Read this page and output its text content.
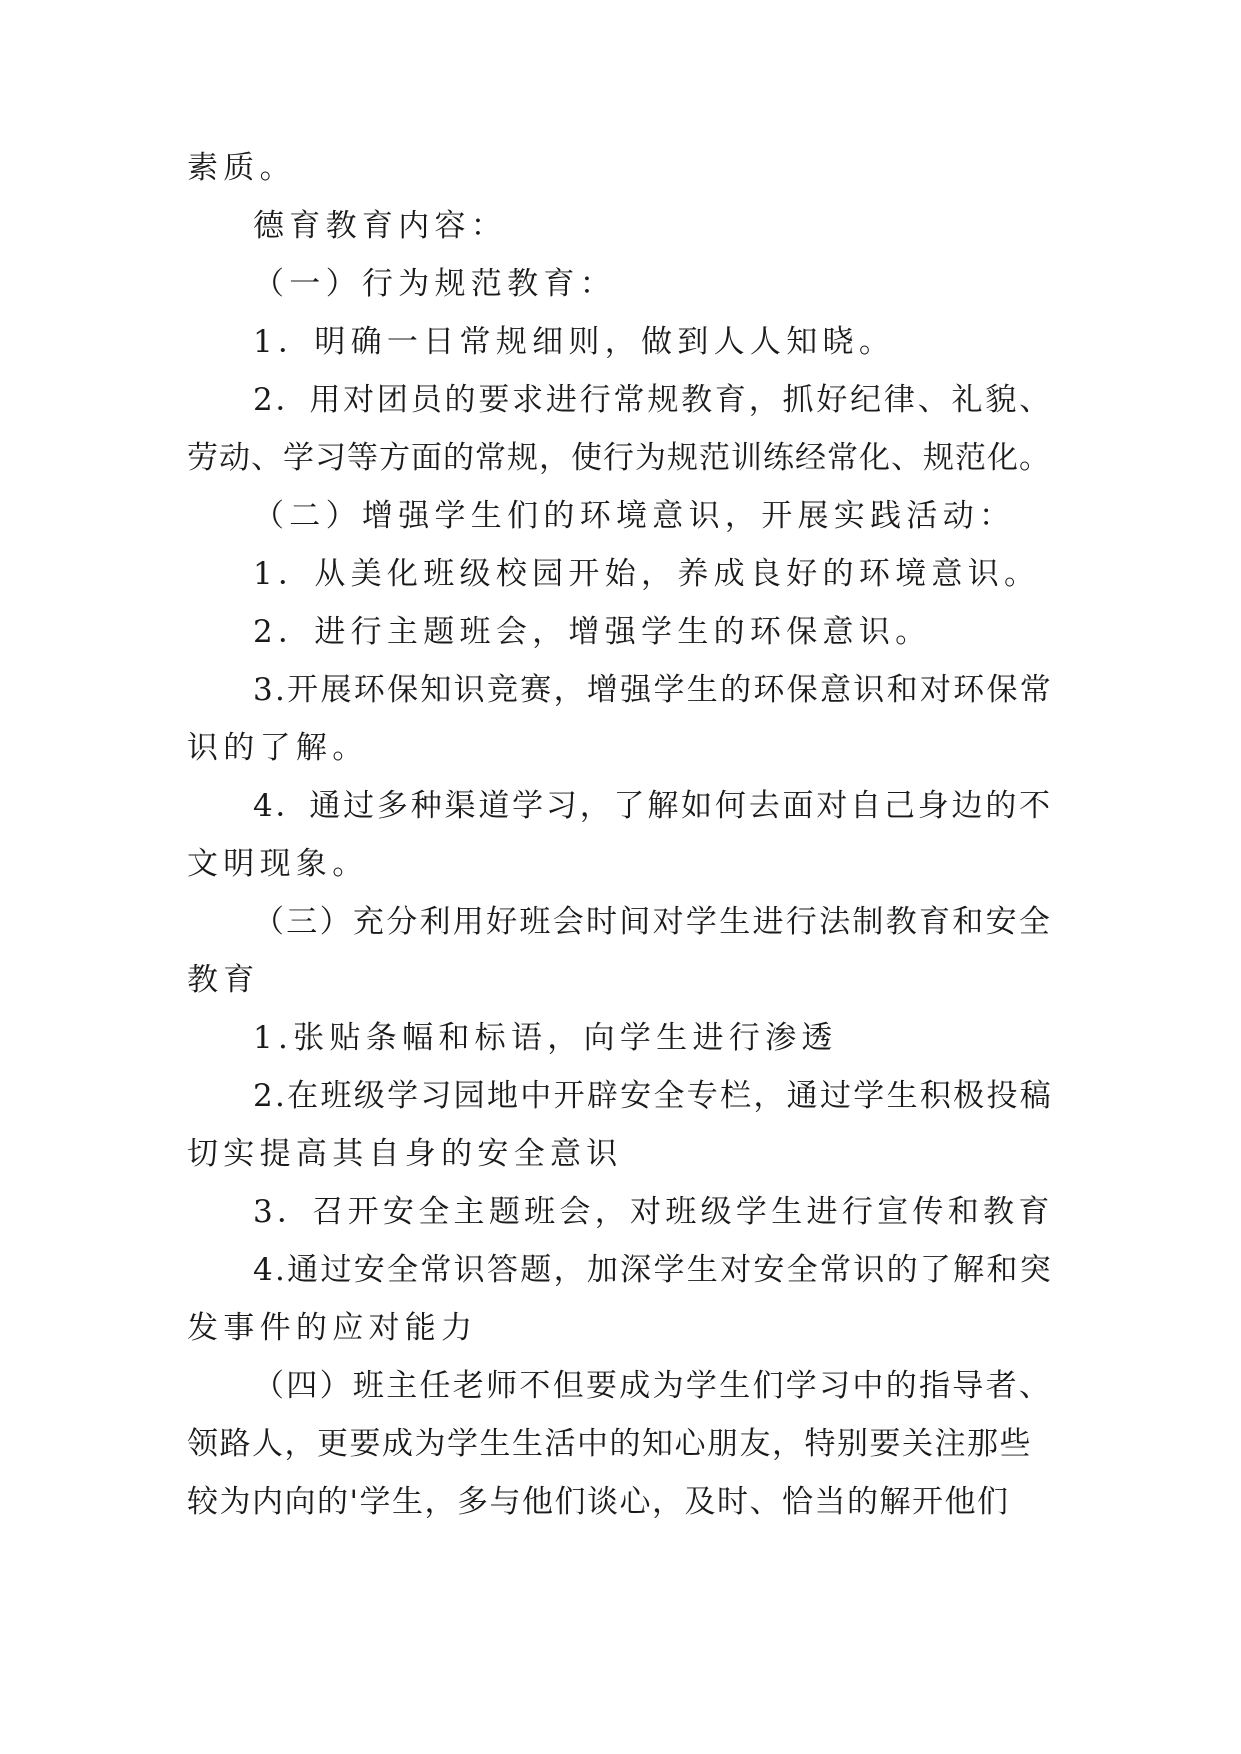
素质。
德育教育内容：
（一）行为规范教育：
1．明确一日常规细则，做到人人知晓。
2．用对团员的要求进行常规教育，抓好纪律、礼貌、
劳动、学习等方面的常规，使行为规范训练经常化、规范化。
（二）增强学生们的环境意识，开展实践活动：
1．从美化班级校园开始，养成良好的环境意识。
2．进行主题班会，增强学生的环保意识。
3.开展环保知识竞赛，增强学生的环保意识和对环保常
识的了解。
4．通过多种渠道学习，了解如何去面对自己身边的不
文明现象。
（三）充分利用好班会时间对学生进行法制教育和安全
教育
1.张贴条幅和标语，向学生进行渗透
2.在班级学习园地中开辟安全专栏，通过学生积极投稿
切实提高其自身的安全意识
3．召开安全主题班会，对班级学生进行宣传和教育
4.通过安全常识答题，加深学生对安全常识的了解和突
发事件的应对能力
（四）班主任老师不但要成为学生们学习中的指导者、
领路人，更要成为学生生活中的知心朋友，特别要关注那些
较为内向的'学生，多与他们谈心，及时、恰当的解开他们
